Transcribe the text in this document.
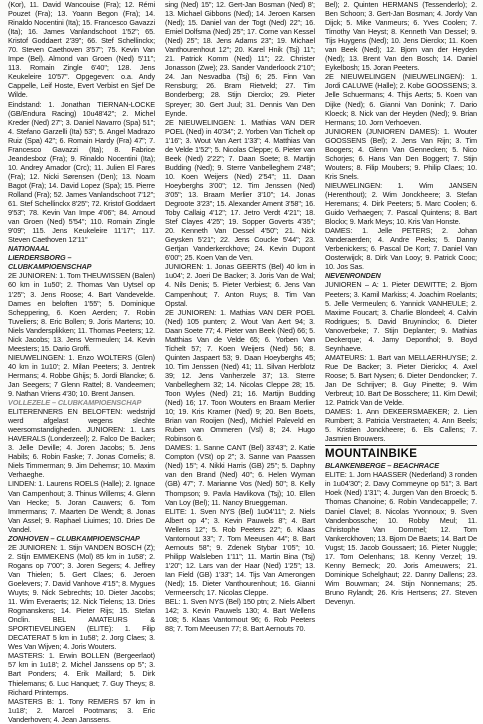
(Kor), 11. David Wancouise (Fra); 12. Rémi Pouzet (Fra); 13. Yoann Begon (Fra); 14. Rinaldo Nocentini (Ita); 15. Francesco Gavazzi (Ita); 16. James Vanlandschoot 1'52"; 65. Kristof Goddaert 2'39"; 66. Stef Schellinckx; 70. Steven Caethoven 3'57"; 75. Kevin Van Impe (Bel). Almond van Groen (Ned) 5'11"; 113. Romain Zingle 6'40"; 128. Jens Keukeleire 10'57". Opgegeven: o.a. Andy Cappelle, Leif Hoste, Evert Verbist en Sjef De Wilde.

Eindstand: 1. Jonathan TIERNAN-LOCKE (GB/Endura Racing) 10u48'42"; 2. Michel Kreder (Ned) 27"; 3. Daniel Navarro (Spa) 51"; 4. Stefano Garzelli (Ita) 53"; 5. Angel Madrazo Ruiz (Spa) 42"; 6. Romain Hardy (Fra) 47"; 7. Francesco Gavazzi (Ita); 8. Fabrice Jeandesboz (Fra); 9. Rinaldo Nocentini (Ita); 10. Andrey Amador (Crc); 11. Julien El Fares (Fra); 12. Nicki Sørensen (Den); 13. Noam Bagot (Fra); 14. David Lopez (Spa); 15. Pierre Rolland (Fra); 52. James Vanlandschoot 7'12"; 61. Stef Schellinckx 8'25"; 72. Kristof Goddaert 9'53"; 78. Kevin Van Impe 4'06"; 84. Arnoud van Groen (Ned) 5'54"; 110. Romain Zingle 9'09"; 115. Jens Keukeleire 11'17"; 117. Steven Caethoven 12'11"

NATIONAAL

LIERDERSBORG –

CLUBKAMPIOENSCHAP

2E JUNIOREN: 1. Tom THEUWISSEN (Balen) 60 km in 1u50'; 2. Thomas Van Uytsel op 1'25"; 3. Jens Roose; 4. Bart Vandevelde. Dames en beloften 1'55"; 5. Dominique Scheppering, 6. Koen Aerden; 7. Robin Tuveliers; 8. Eric Bollen; 9. Joris Martens; 10. Niels Vandersplikken; 11. Thomas Peeters; 12. Nick Jacobs; 13. Jens Vermeulen; 14. Kevin Meesters; 15. Dario Groffi.

NIEUWELINGEN: 1. Enzo WOLTERS (Glen) 40 km in 1u10'; 2. Milan Peeters; 3. Jentrek Hermans; 4. Robbe Ghijs; 5. Jordi Blancke; 6. Jan Seegers; 7 Glenn Rattel; 8. Vandeemen; 9. Nathan Vriens 4'30; 10. Brent Jansen.

VOLLEZELE – CLUBKAMPIOENSCHAP

ELITERENNERS EN BELOFTEN: wedstrijd werd afgelast wegens slechte weersomstandigheden. JUNIOREN: 1. Lars HAVERALS (Londerzeel); 2. Falco De Backer; 3. Jelle Deville; 4. Joren Jacobs; 5. Jens Habils; 6. Robin Faske; 7. Jonas Cornelis; 8. Niels Timmerman; 9. Jim Dehemsr; 10. Maxim Verhaeghe.

LINDEN: 1. Laurens ROELS (Halle); 2. Ignace Van Campenhout; 3. Thinus Willems; 4. Glenn Van Hecke; 5. Joran Cauwers; 6. Tom Immermans; 7. Maarten De Wendt; 8. Jonas Van Assel; 9. Raphael Liuimes; 10. Dries De Vandel.

ZONHOVEN – CLUBKAMPIOENSCHAP

2E JUNIOREN: 1. Stijn VANDEN BOSCH (Z); 2. Stijn EMMEKENS (Mol) 85 km in 1u58'; 2. Rogans op 7'00"; 3. Joren Segers; 4. Jeffrey Van Thielen; 5. Gert Claes; 6. Jeroen Goelevers; 7. David Vanhove 4'15"; 8. Mygues Wuyts; 9. Nick Sebrechts; 10. Dieter Jacobs; 11. Wim Everaerts; 12. Nick Tielens; 13. Dries Rogmanskens; 14. Pieter Rijs; 15. Stefan Onclin. BEL AMATEURS & SPORTIEVELINGEN (ELITE): 1. Filip DECATERAT 5 km in 1u58'; 2. Jorg Claes; 3. Wes Van Wijven; 4. Joris Wouters.

MASTERS: 1. Erwin BOLLEN (Bergeerlaot) 57 km in 1u18'; 2. Michel Janssens op 5"; 3. Bart Ponders; 4. Erik Maillard; 5. Dirk Thielemans; 6. Luc Hanquet; 7. Guy Theys; 8. Richard Printemps.

MASTERS B: 1. Tony REMERS 57 km in 1u18'; 2. Marcel Pootmans; 3. Eric Vanderhoven; 4. Jean Janssens.

sing (Ned) 15"; 12. Gert-Jan Bosman (Ned) 8'; 13. Michael Gibbons (Ned); 14. Jeroen Karsen (Ned); 15. Daniel van der Togt (Ned) 22"; 16. Emiel Dolfsma (Ned) 25"; 17. Corne van Kessel (Ned) 25"; 18. Jens Adams 23"; 19. Michael Vanthourenhout 12"; 20. Karel Hnik (Tsj) 11"; 21. Patrick Komm (Ned) 11"; 22. Christer Jonasson (Zwe); 23. Sander Vanderloock 2'10"; 24. Jan Nesvadba (Tsj) 6; 25. Finn Van Rensburg; 26. Bram Rietveld; 27. Tim Bonderberg; 28. Stijn Dierckx; 29. Pieter Spreyer; 30. Gert Juul; 31. Dennis Van Den Eynde.

2E NIEUWELINGEN: 1. Mathias VAN DER POEL (Ned) in 40'34"; 2. Yorben Van Tichelt op 1'16"; 3. Wout Van Aert 1'33"; 4. Matthias Van de Velde 1'52"; 5. Nicolas Cleppe; 6. Pieter van Beek (Ned) 2'22"; 7. Daan Soete; 8. Martijn Budding (Ned); 9. Sterre Vanbelleghem 2'48"; 10. Koen Weijers (Ned) 2'54"; 11. Daan Hoeyberghs 3'00"; 12. Tim Jenssen (Ned) 3'05"; 13. Braam Merlier 3'10"; 14. Jonas Degroote 3'23"; 15. Alexander Ament 3'58"; 16. Toby Callaig 4'12"; 17. Jetro Verdt 4'21"; 18. Stef Clayes 4'25"; 19. Sopper Goverts 4'35"; 20. Kenneth Van Dessel 4'50"; 21. Nick Geysken 5'21"; 22. Jens Coucke 5'44"; 23. Gertjan Vanderkerckhove; 24. Kevin Dupont 6'00"; 25. Koen Van de Ven.

JUNIOREN: 1. Jonas GEERTS (Bel) 40 km in 1u04'; 2. Joeri De Backer; 3. Joris Van de Wal; 4. Nils Denis; 5. Pieter Verbiest; 6. Jens Van Campenhout; 7. Anton Ruys; 8. Tim Van Opstal.

2E JUNIOREN: 1. Mathias VAN DER POEL (Ned) 105 punten; 2. Wout Van Aert 94; 3. Daan Soete 77; 4. Pieter van Beek (Ned) 66; 5. Matthias Van de Velde 65; 6. Yorben Van Tichelt 57; 7. Koen Weijers (Ned) 56; 8. Quinten Jaspaert 53; 9. Daan Hoeyberghs 45; 10. Tim Jenssen (Ned) 41; 11. Silvan Herblotz 39; 12. Jens Vanherzele 37; 13. Sterre Vanbelleghem 32; 14. Nicolas Cleppe 28; 15. Toon Wyles (Ned) 21; 16. Martijn Budding (Ned) 16; 17. Toon Wouters en Braam Merlier 10; 19. Kris Kramer (Ned) 9; 20. Ben Boets, Brian van Rooijen (Ned), Michiel Paleveld en Ruben van Ommeren (Vsl) 8; 24. Hugo Robinson 6.

DAMES: 1. Sanne CANT (Bel) 33'43"; 2. Katie Compton (VSt) op 2"; 3. Sanne van Paassen (Ned) 15"; 4. Nikki Harris (GB) 25"; 5. Daphny van den Brand (Ned) 40"; 6. Helen Wyman (GB) 47"; 7. Marianne Vos (Ned) 50"; 8. Kelly Thompson; 9. Pavla Havlikova (Tsj); 10. Ellen Van Loy (Bel); 11. Nancy Brueggeman.

ELITE: 1. Sven NYS (Bel) 1u04'11"; 2. Niels Albert op 4"; 3. Kevin Pauwels 8"; 4. Bart Wellens 12"; 5. Rob Peeters 22"; 6. Klaas Vantornout 33"; 7. Tom Meeusen 44"; 8. Bart Aernouts 58"; 9. Zdenek Stybar 1'05"; 10. Philipp Walsleben 1'11"; 11. Martin Bina (Tsj) 1'20"; 12. Lars van der Haar (Ned) 1'25"; 13. Ian Field (GB) 1'33"; 14. Tijs Van Amerongen (Ned); 15. Dieter Vanthourenhout; 16. Gianni Vermeersch; 17. Nicolas Cleppe.

BEL: 1. Sven NYS (Bel) 150 ptn; 2. Niels Albert 142; 3. Kevin Pauwels 130; 4. Bart Wellens 108; 5. Klaas Vantornout 96; 6. Rob Peeters 88; 7. Tom Meeusen 77; 8. Bart Aernouts 70.

Bel); 2. Quinten HERMANS (Tessenderlo); 2. Ben Schoon; 3. Gert-Jan Bosman; 4. Jordy Van Dijck; 5. Mike Vanmeurs; 6. Yves Coolen; 7. Timothy Van Heyst; 8. Kenneth Van Dessel; 9. Tijs Huygens (Ned); 10. Jens Dierckx; 11. Koen van Beek (Ned); 12. Bjorn van der Heyden (Ned); 13. Brent Van den Bosch; 14. Daniel Eykelbosh; 15. Joran Peeters.

2E NIEUWELINGEN (NIEUWELINGEN): 1. Jordi CALUWE (Halle); 2. Kobe GOOSSENS; 3. Jelle Schuermans; 4. Thijs Aerts; 5. Koen van Dijke (Ned); 6. Gianni Van Donink; 7. Dario Kloeck; 8. Nick van der Heyden (Ned); 9. Brian Hermans; 10. Jorn Verhoeven.

JUNIOREN (JUNIOREN DAMES): 1. Wouter GOOSSENS (Bel); 2. Jens Van Rijn; 3. Tim Boogers; 4. Glenn Van Gennecken; 5. Nico Schorjes; 6. Hans Van Den Boggert; 7. Stijn Wouters; 8. Filip Moubers; 9. Philip Claes; 10. Kris Snels.

NIEUWELINGEN: 1. Wim JANSEN (Herenthout); 2. Wim Jonckheere; 3. Stefan Heremans; 4. Dirk Peeters; 5. Marc Coolen; 6. Guido Verhaegen; 7. Pascal Quintens; 8. Bart Blockx; 9. Mark Meys; 10. Kris Van Honste.

DAMES: 1. Jelle PETERS; 2. Johan Vanderaerden; 4. Andre Peeks; 5. Danny Verbenickers; 6. Pascal De Kort; 7. Daniel Van Oosterwijck; 8. Dirk Van Looy; 9. Patrick Cooc; 10. Jos Sas.

NEVENRONDEN

JUNIOREN – A: 1. Pieter DEWITTE; 2. Bjorn Peeters; 3. Kamil Markiss; 4. Joachim Roelants; 5. Jelle Vermeulen; 6. Yannick VANHEULE; 2. Maxime Foucart; 3. Charlie Blondeel; 4. Calvin Rodrigues; 5. David Bruyninckx; 6. Dieter Vanoverbeke; 7. Stijn Deplanter; 9. Mathias Deckerque; 4. Jamy Deponthol; 9. Boyd Seynhaeve.

AMATEURS: 1. Bart van MELLAERHUYSE; 2. Rue De Backer; 3. Pieter Dierickx; 4. Axel Roose; 5. Bart Nysen; 6. Dieter Dendoncker; 7. Jan De Schrijver; 8. Guy Pinette; 9. Wim Verbreut; 10. Bart De Bosschere; 11. Kim Dewil; 12. Patrick Van de Velde.

DAMES: 1. Ann DEKEERSMAEKER; 2. Lien Rumbert; 3. Patricia Verstraeten; 4. Ann Beels; 5. Kristien Jonckheere; 6. Els Callens; 7. Jasmien Brouwers.

MOUNTAINBIKE

BLANKENBERGE – BEACHRACE

ELITE: 1. Jorn HAASSER (Nederland) 3 ronden in 1u04'30"; 2. Davy Commeyne op 51"; 3. Bart Hoek (Ned) 1'31"; 4. Jurgen Van den Broeck; 5. Thomas Chanoine; 6. Robin Vandecappelle; 7. Daniel Clavel; 8. Nicolas Yvonnoux; 9. Sven Vandenbossche; 10. Robby Meul; 11. Christophe Van Dommel; 12. Tom Vankerckhoven; 13. Bjorn De Baets; 14. Bart De Vugst; 15. Jacob Goussaert; 16. Pieter Nuggle; 17. Tom Oelenhans; 18. Kenny Verzel; 19. Kenny Berneck; 20. Joris Ameuwers; 21. Dominique Schelghaut; 22. Danny Dallens; 23. Wim Bouwman; 24. Stijn Nonnemans; 25. Bruno Rylandt; 26. Kris Hertsens; 27. Steven Devenyn.
